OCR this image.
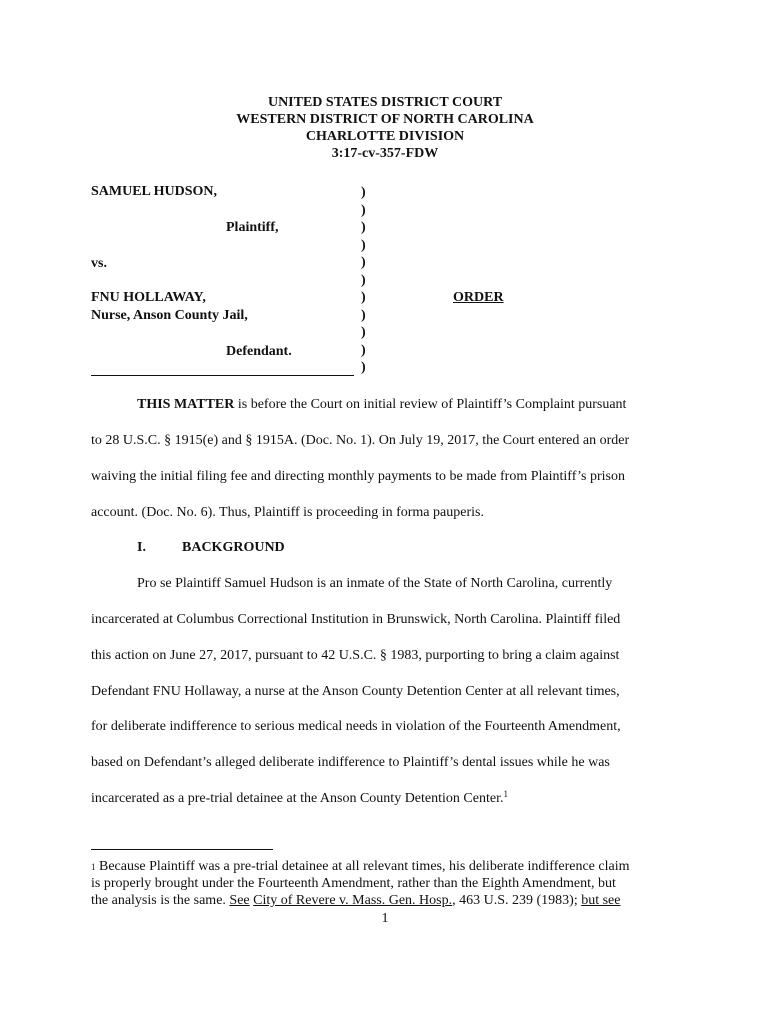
UNITED STATES DISTRICT COURT
WESTERN DISTRICT OF NORTH CAROLINA
CHARLOTTE DIVISION
3:17-cv-357-FDW
SAMUEL HUDSON,
Plaintiff,
vs.
FNU HOLLAWAY,
Nurse, Anson County Jail,
Defendant.
)
)
)
)
)
)
)
)
)
)
)
ORDER
THIS MATTER is before the Court on initial review of Plaintiff’s Complaint pursuant
to 28 U.S.C. § 1915(e) and § 1915A. (Doc. No. 1). On July 19, 2017, the Court entered an order
waiving the initial filing fee and directing monthly payments to be made from Plaintiff’s prison
account. (Doc. No. 6). Thus, Plaintiff is proceeding in forma pauperis.
I.	BACKGROUND
Pro se Plaintiff Samuel Hudson is an inmate of the State of North Carolina, currently
incarcerated at Columbus Correctional Institution in Brunswick, North Carolina. Plaintiff filed
this action on June 27, 2017, pursuant to 42 U.S.C. § 1983, purporting to bring a claim against
Defendant FNU Hollaway, a nurse at the Anson County Detention Center at all relevant times,
for deliberate indifference to serious medical needs in violation of the Fourteenth Amendment,
based on Defendant’s alleged deliberate indifference to Plaintiff’s dental issues while he was
incarcerated as a pre-trial detainee at the Anson County Detention Center.$^1$
$^1$ Because Plaintiff was a pre-trial detainee at all relevant times, his deliberate indifference claim
is properly brought under the Fourteenth Amendment, rather than the Eighth Amendment, but
the analysis is the same. See City of Revere v. Mass. Gen. Hosp., 463 U.S. 239 (1983); but see
1
